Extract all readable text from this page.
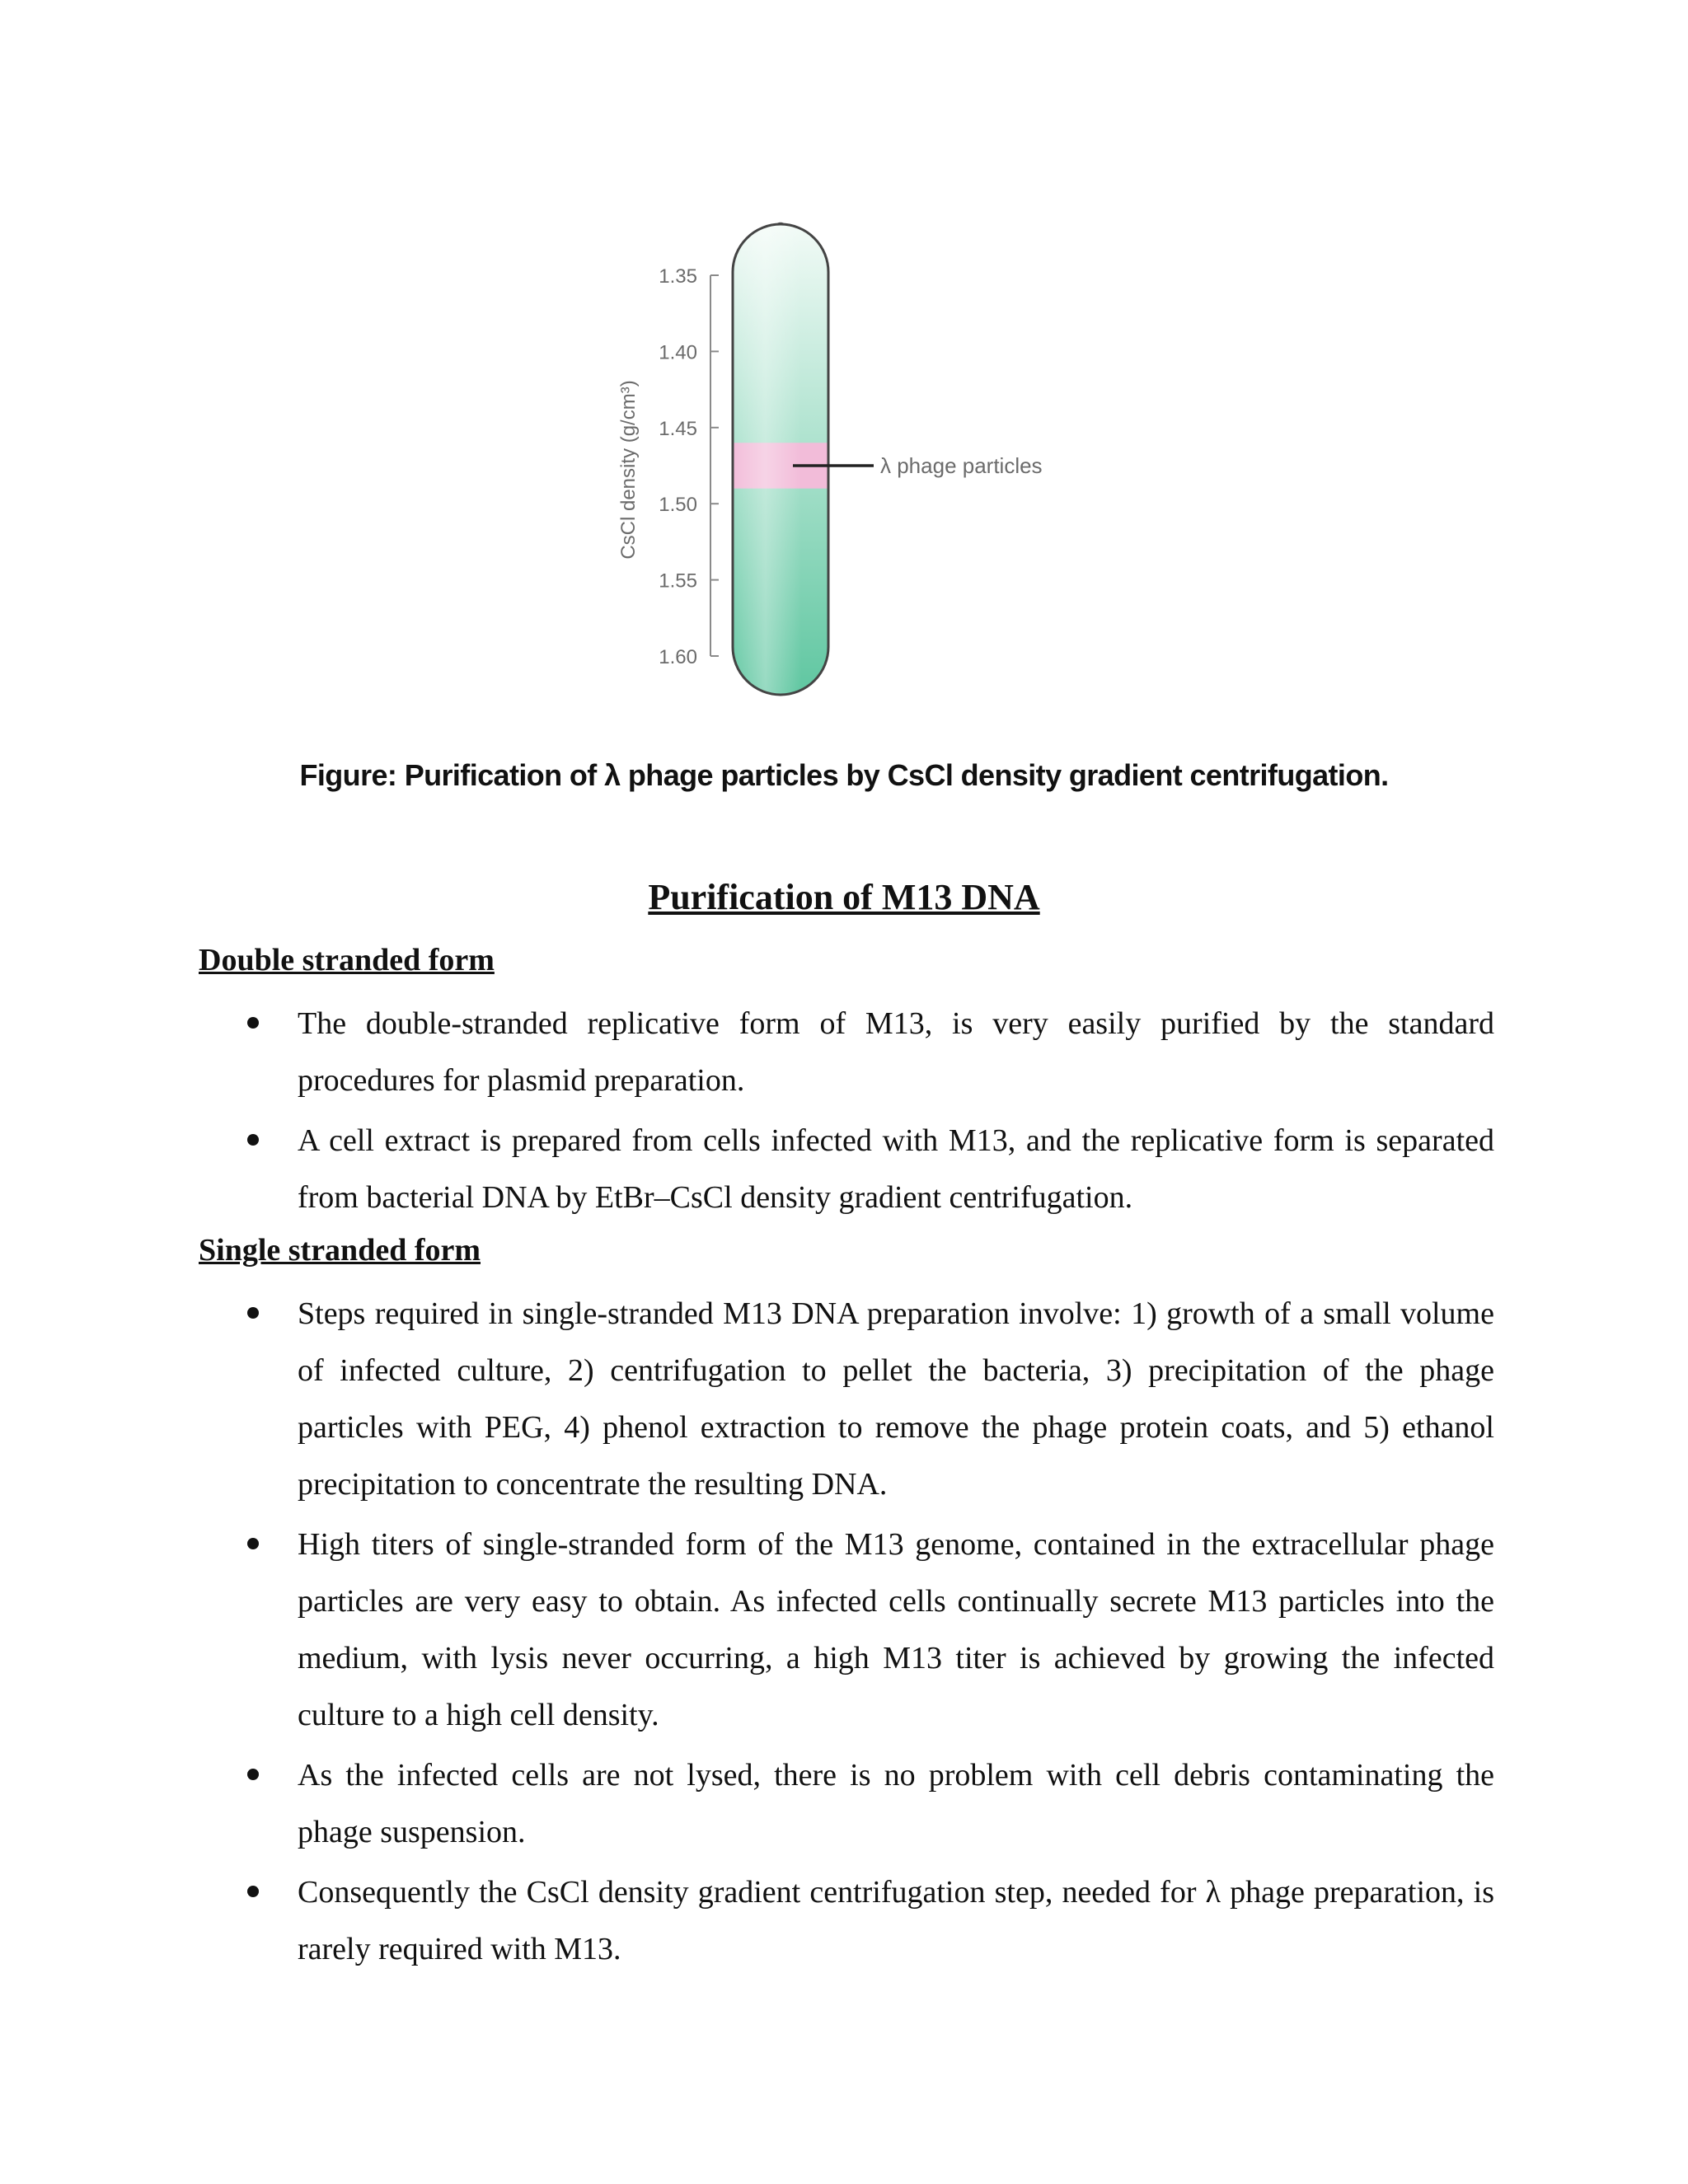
CsCl density (g/cm³)
1.35
1.40
1.45
1.50
1.55
1.60
λ phage particles
Figure: Purification of λ phage particles by CsCl density gradient centrifugation.
Purification of M13 DNA
Double stranded form
The double-stranded replicative form of M13, is very easily purified by the standard procedures for plasmid preparation.
A cell extract is prepared from cells infected with M13, and the replicative form is separated from bacterial DNA by EtBr–CsCl density gradient centrifugation.
Single stranded form
Steps required in single-stranded M13 DNA preparation involve: 1) growth of a small volume of infected culture, 2) centrifugation to pellet the bacteria, 3) precipitation of the phage particles with PEG, 4) phenol extraction to remove the phage protein coats, and 5) ethanol precipitation to concentrate the resulting DNA.
High titers of single-stranded form of the M13 genome, contained in the extracellular phage particles are very easy to obtain. As infected cells continually secrete M13 particles into the medium, with lysis never occurring, a high M13 titer is achieved by growing the infected culture to a high cell density.
As the infected cells are not lysed, there is no problem with cell debris contaminating the phage suspension.
Consequently the CsCl density gradient centrifugation step, needed for λ phage preparation, is rarely required with M13.
